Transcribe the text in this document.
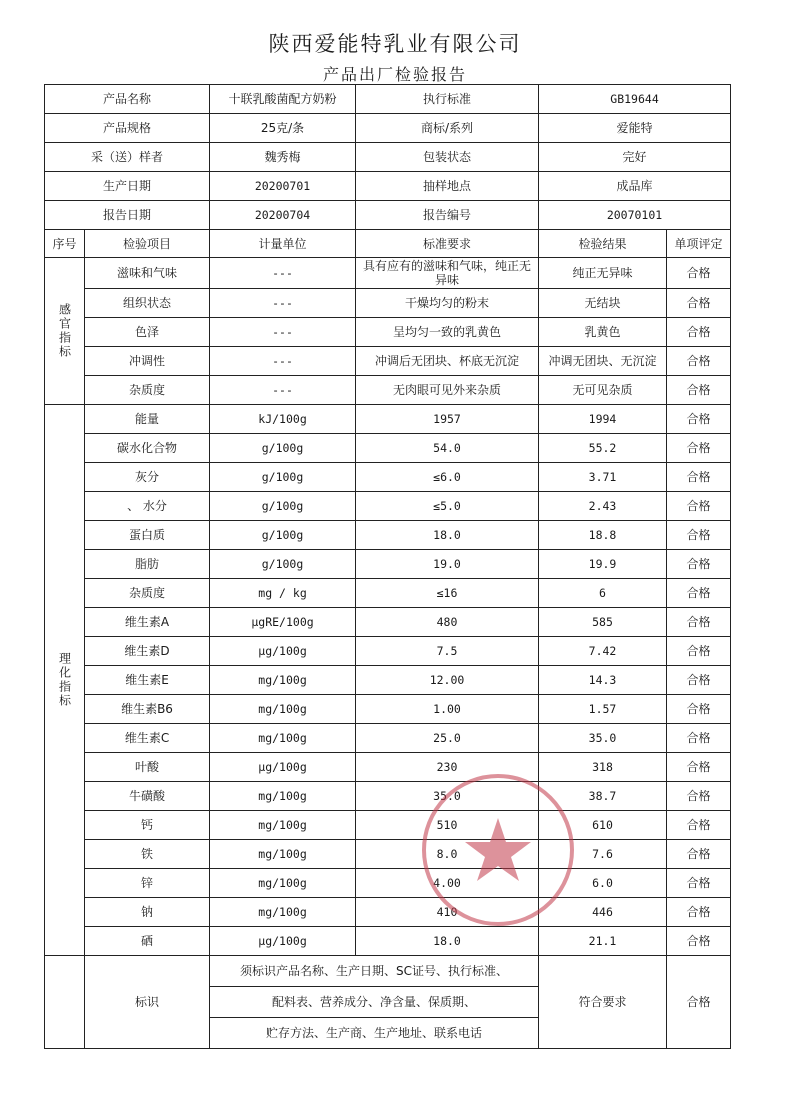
陕西爱能特乳业有限公司
产品出厂检验报告
产品名称		十联乳酸菌配方奶粉	执行标准	GB19644	
产品规格		25克/条	商标/系列	爱能特	
采（送）样者		魏秀梅	包装状态	完好	
生产日期		20200701	抽样地点	成品库	
报告日期		20200704	报告编号	20070101	
序号	检验项目	计量单位	标准要求	检验结果	单项评定
感官指标	滋味和气味	---	具有应有的滋味和气味，纯正无异味	纯正无异味	合格
	组织状态	---	干燥均匀的粉末	无结块	合格
	色泽	---	呈均匀一致的乳黄色	乳黄色	合格
	冲调性	---	冲调后无团块、杯底无沉淀	冲调无团块、无沉淀	合格
	杂质度	---	无肉眼可见外来杂质	无可见杂质	合格
理化指标	能量	kJ/100g	1957	1994	合格
	碳水化合物	g/100g	54.0	55.2	合格
	灰分	g/100g	≤6.0	3.71	合格
	、 水分	g/100g	≤5.0	2.43	合格
	蛋白质	g/100g	18.0	18.8	合格
	脂肪	g/100g	19.0	19.9	合格
	杂质度	mg / kg	≤16	6	合格
	维生素A	μgRE/100g	480	585	合格
	维生素D	μg/100g	7.5	7.42	合格
	维生素E	mg/100g	12.00	14.3	合格
	维生素B6	mg/100g	1.00	1.57	合格
	维生素C	mg/100g	25.0	35.0	合格
	叶酸	μg/100g	230	318	合格
	牛磺酸	mg/100g	35.0	38.7	合格
	钙	mg/100g	510	610	合格
	铁	mg/100g	8.0	7.6	合格
	锌	mg/100g	4.00	6.0	合格
	钠	mg/100g	410	446	合格
	硒	μg/100g	18.0	21.1	合格
	标识	须标识产品名称、生产日期、SC证号、执行标准、		符合要求	合格
		配料表、营养成分、净含量、保质期、			
		贮存方法、生产商、生产地址、联系电话			
